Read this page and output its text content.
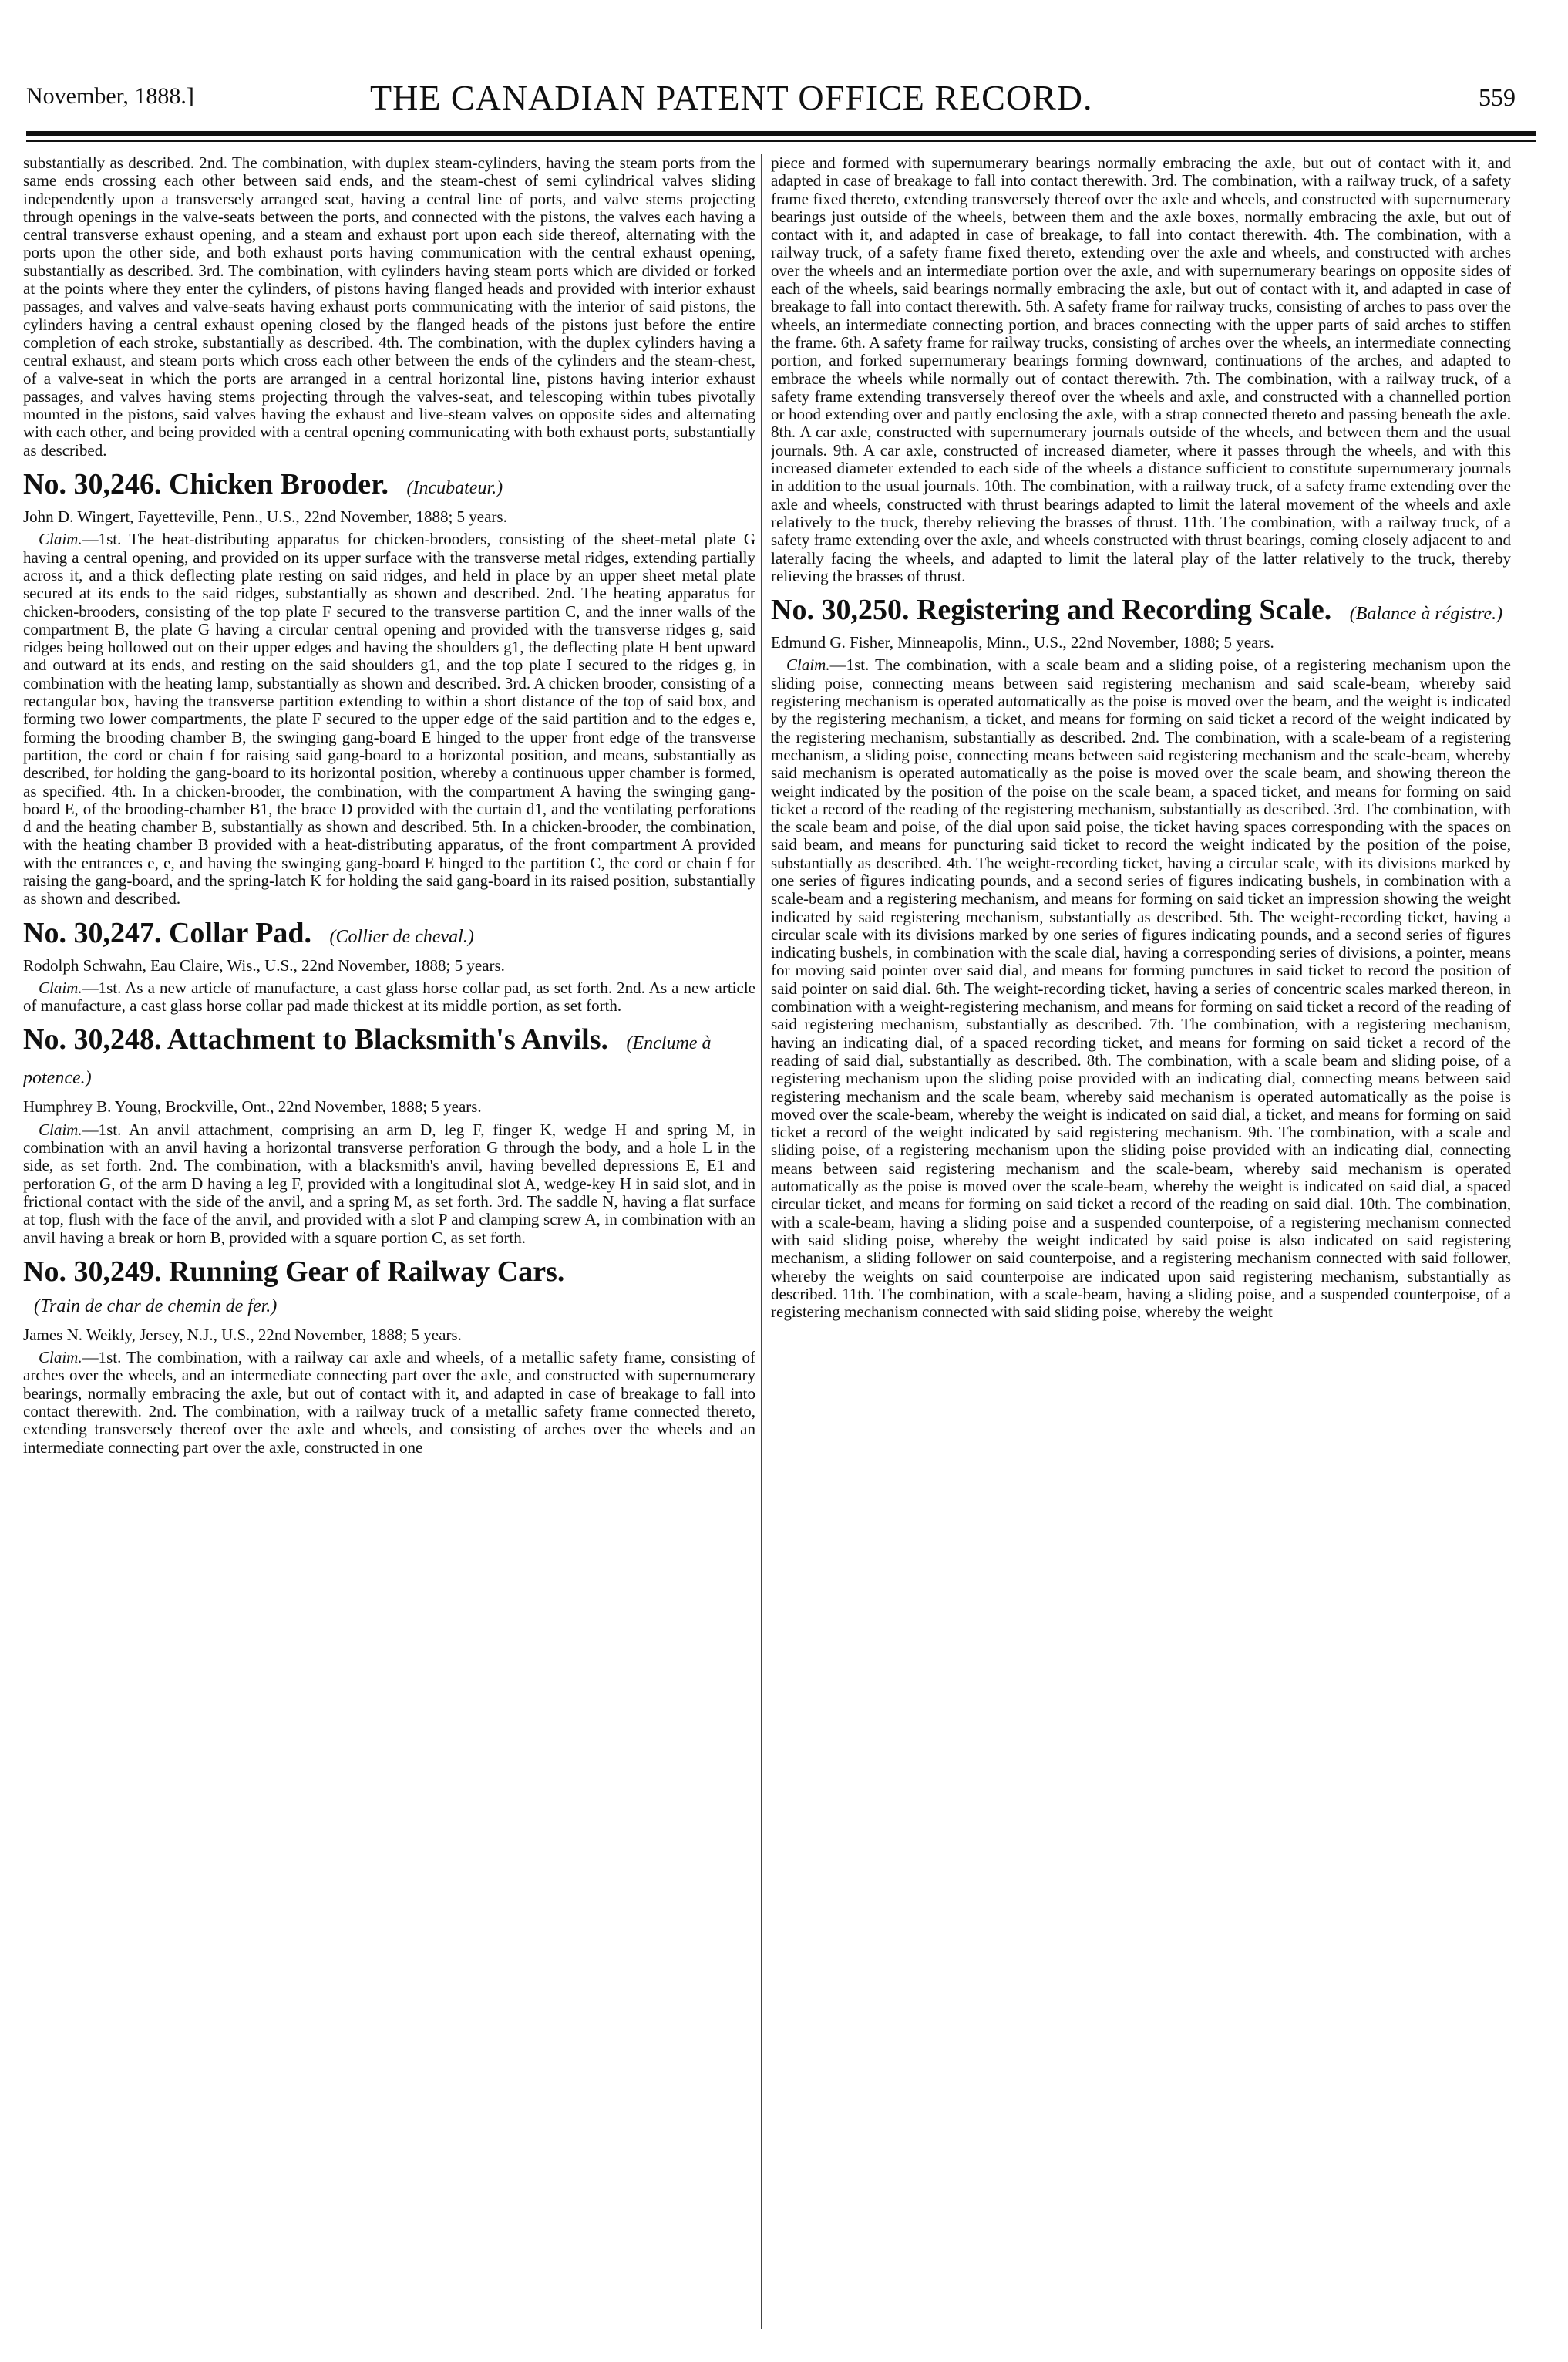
November, 1888.]	THE CANADIAN PATENT OFFICE RECORD.	559

substantially as described. 2nd. The combination, with duplex steam-cylinders, having the steam ports from the same ends crossing each other between said ends, and the steam-chest of semi cylindrical valves sliding independently upon a transversely arranged seat, having a central line of ports, and valve stems projecting through openings in the valve-seats between the ports, and connected with the pistons, the valves each having a central transverse exhaust opening, and a steam and exhaust port upon each side thereof, alternating with the ports upon the other side, and both exhaust ports having communication with the central exhaust opening, substantially as described. 3rd. The combination, with cylinders having steam ports which are divided or forked at the points where they enter the cylinders, of pistons having flanged heads and provided with interior exhaust passages, and valves and valve-seats having exhaust ports communicating with the interior of said pistons, the cylinders having a central exhaust opening closed by the flanged heads of the pistons just before the entire completion of each stroke, substantially as described. 4th. The combination, with the duplex cylinders having a central exhaust, and steam ports which cross each other between the ends of the cylinders and the steam-chest, of a valve-seat in which the ports are arranged in a central horizontal line, pistons having interior exhaust passages, and valves having stems projecting through the valves-seat, and telescoping within tubes pivotally mounted in the pistons, said valves having the exhaust and live-steam valves on opposite sides and alternating with each other, and being provided with a central opening communicating with both exhaust ports, substantially as described.

No. 30,246. Chicken Brooder. (Incubateur.)

John D. Wingert, Fayetteville, Penn., U.S., 22nd November, 1888; 5 years.

Claim.—1st. The heat-distributing apparatus for chicken-brooders, consisting of the sheet-metal plate G having a central opening, and provided on its upper surface with the transverse metal ridges, extending partially across it, and a thick deflecting plate resting on said ridges, and held in place by an upper sheet metal plate secured at its ends to the said ridges, substantially as shown and described. 2nd. The heating apparatus for chicken-brooders, consisting of the top plate F secured to the transverse partition C, and the inner walls of the compartment B, the plate G having a circular central opening and provided with the transverse ridges g, said ridges being hollowed out on their upper edges and having the shoulders g1, the deflecting plate H bent upward and outward at its ends, and resting on the said shoulders g1, and the top plate I secured to the ridges g, in combination with the heating lamp, substantially as shown and described. 3rd. A chicken brooder, consisting of a rectangular box, having the transverse partition extending to within a short distance of the top of said box, and forming two lower compartments, the plate F secured to the upper edge of the said partition and to the edges e, forming the brooding chamber B, the swinging gang-board E hinged to the upper front edge of the transverse partition, the cord or chain f for raising said gang-board to a horizontal position, and means, substantially as described, for holding the gang-board to its horizontal position, whereby a continuous upper chamber is formed, as specified. 4th. In a chicken-brooder, the combination, with the compartment A having the swinging gang-board E, of the brooding-chamber B1, the brace D provided with the curtain d1, and the ventilating perforations d and the heating chamber B, substantially as shown and described. 5th. In a chicken-brooder, the combination, with the heating chamber B provided with a heat-distributing apparatus, of the front compartment A provided with the entrances e, e, and having the swinging gang-board E hinged to the partition C, the cord or chain f for raising the gang-board, and the spring-latch K for holding the said gang-board in its raised position, substantially as shown and described.

No. 30,247. Collar Pad. (Collier de cheval.)

Rodolph Schwahn, Eau Claire, Wis., U.S., 22nd November, 1888; 5 years.

Claim.—1st. As a new article of manufacture, a cast glass horse collar pad, as set forth. 2nd. As a new article of manufacture, a cast glass horse collar pad made thickest at its middle portion, as set forth.

No. 30,248. Attachment to Blacksmith's Anvils. (Enclume à potence.)

Humphrey B. Young, Brockville, Ont., 22nd November, 1888; 5 years.

Claim.—1st. An anvil attachment, comprising an arm D, leg F, finger K, wedge H and spring M, in combination with an anvil having a horizontal transverse perforation G through the body, and a hole L in the side, as set forth. 2nd. The combination, with a blacksmith's anvil, having bevelled depressions E, E1 and perforation G, of the arm D having a leg F, provided with a longitudinal slot A, wedge-key H in said slot, and in frictional contact with the side of the anvil, and a spring M, as set forth. 3rd. The saddle N, having a flat surface at top, flush with the face of the anvil, and provided with a slot P and clamping screw A, in combination with an anvil having a break or horn B, provided with a square portion C, as set forth.

No. 30,249. Running Gear of Railway Cars.
(Train de char de chemin de fer.)

James N. Weikly, Jersey, N.J., U.S., 22nd November, 1888; 5 years.

Claim.—1st. The combination, with a railway car axle and wheels, of a metallic safety frame, consisting of arches over the wheels, and an intermediate connecting part over the axle, and constructed with supernumerary bearings, normally embracing the axle, but out of contact with it, and adapted in case of breakage to fall into contact therewith. 2nd. The combination, with a railway truck of a metallic safety frame connected thereto, extending transversely thereof over the axle and wheels, and consisting of arches over the wheels and an intermediate connecting part over the axle, constructed in one

piece and formed with supernumerary bearings normally embracing the axle, but out of contact with it, and adapted in case of breakage to fall into contact therewith. 3rd. The combination, with a railway truck, of a safety frame fixed thereto, extending transversely thereof over the axle and wheels, and constructed with supernumerary bearings just outside of the wheels, between them and the axle boxes, normally embracing the axle, but out of contact with it, and adapted in case of breakage, to fall into contact therewith. 4th. The combination, with a railway truck, of a safety frame fixed thereto, extending over the axle and wheels, and constructed with arches over the wheels and an intermediate portion over the axle, and with supernumerary bearings on opposite sides of each of the wheels, said bearings normally embracing the axle, but out of contact with it, and adapted in case of breakage to fall into contact therewith. 5th. A safety frame for railway trucks, consisting of arches to pass over the wheels, an intermediate connecting portion, and braces connecting with the upper parts of said arches to stiffen the frame. 6th. A safety frame for railway trucks, consisting of arches over the wheels, an intermediate connecting portion, and forked supernumerary bearings forming downward, continuations of the arches, and adapted to embrace the wheels while normally out of contact therewith. 7th. The combination, with a railway truck, of a safety frame extending transversely thereof over the wheels and axle, and constructed with a channelled portion or hood extending over and partly enclosing the axle, with a strap connected thereto and passing beneath the axle. 8th. A car axle, constructed with supernumerary journals outside of the wheels, and between them and the usual journals. 9th. A car axle, constructed of increased diameter, where it passes through the wheels, and with this increased diameter extended to each side of the wheels a distance sufficient to constitute supernumerary journals in addition to the usual journals. 10th. The combination, with a railway truck, of a safety frame extending over the axle and wheels, constructed with thrust bearings adapted to limit the lateral movement of the wheels and axle relatively to the truck, thereby relieving the brasses of thrust. 11th. The combination, with a railway truck, of a safety frame extending over the axle, and wheels constructed with thrust bearings, coming closely adjacent to and laterally facing the wheels, and adapted to limit the lateral play of the latter relatively to the truck, thereby relieving the brasses of thrust.

No. 30,250. Registering and Recording Scale. (Balance à régistre.)

Edmund G. Fisher, Minneapolis, Minn., U.S., 22nd November, 1888; 5 years.

Claim.—1st. The combination, with a scale beam and a sliding poise, of a registering mechanism upon the sliding poise, connecting means between said registering mechanism and said scale-beam, whereby said registering mechanism is operated automatically as the poise is moved over the beam, and the weight is indicated by the registering mechanism, a ticket, and means for forming on said ticket a record of the weight indicated by the registering mechanism, substantially as described. 2nd. The combination, with a scale-beam of a registering mechanism, a sliding poise, connecting means between said registering mechanism and the scale-beam, whereby said mechanism is operated automatically as the poise is moved over the scale beam, and showing thereon the weight indicated by the position of the poise on the scale beam, a spaced ticket, and means for forming on said ticket a record of the reading of the registering mechanism, substantially as described. 3rd. The combination, with the scale beam and poise, of the dial upon said poise, the ticket having spaces corresponding with the spaces on said beam, and means for puncturing said ticket to record the weight indicated by the position of the poise, substantially as described. 4th. The weight-recording ticket, having a circular scale, with its divisions marked by one series of figures indicating pounds, and a second series of figures indicating bushels, in combination with a scale-beam and a registering mechanism, and means for forming on said ticket an impression showing the weight indicated by said registering mechanism, substantially as described. 5th. The weight-recording ticket, having a circular scale with its divisions marked by one series of figures indicating pounds, and a second series of figures indicating bushels, in combination with the scale dial, having a corresponding series of divisions, a pointer, means for moving said pointer over said dial, and means for forming punctures in said ticket to record the position of said pointer on said dial. 6th. The weight-recording ticket, having a series of concentric scales marked thereon, in combination with a weight-registering mechanism, and means for forming on said ticket a record of the reading of said registering mechanism, substantially as described. 7th. The combination, with a registering mechanism, having an indicating dial, of a spaced recording ticket, and means for forming on said ticket a record of the reading of said dial, substantially as described. 8th. The combination, with a scale beam and sliding poise, of a registering mechanism upon the sliding poise provided with an indicating dial, connecting means between said registering mechanism and the scale beam, whereby said mechanism is operated automatically as the poise is moved over the scale-beam, whereby the weight is indicated on said dial, a ticket, and means for forming on said ticket a record of the weight indicated by said registering mechanism. 9th. The combination, with a scale and sliding poise, of a registering mechanism upon the sliding poise provided with an indicating dial, connecting means between said registering mechanism and the scale-beam, whereby said mechanism is operated automatically as the poise is moved over the scale-beam, whereby the weight is indicated on said dial, a spaced circular ticket, and means for forming on said ticket a record of the reading on said dial. 10th. The combination, with a scale-beam, having a sliding poise and a suspended counterpoise, of a registering mechanism connected with said sliding poise, whereby the weight indicated by said poise is also indicated on said registering mechanism, a sliding follower on said counterpoise, and a registering mechanism connected with said follower, whereby the weights on said counterpoise are indicated upon said registering mechanism, substantially as described. 11th. The combination, with a scale-beam, having a sliding poise, and a suspended counterpoise, of a registering mechanism connected with said sliding poise, whereby the weight
